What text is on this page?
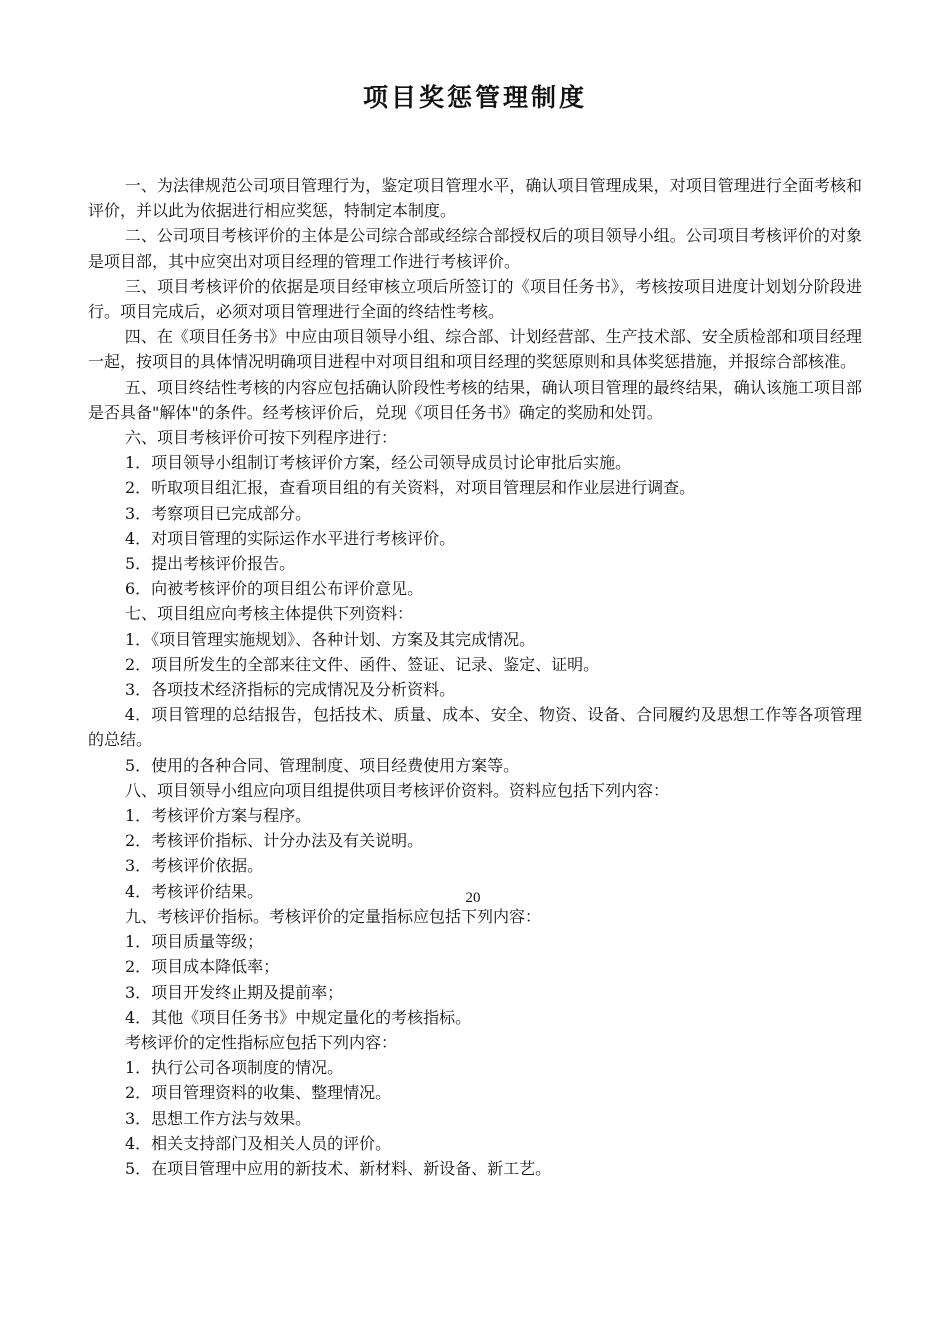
项目奖惩管理制度

一、为法律规范公司项目管理行为，鉴定项目管理水平，确认项目管理成果，对项目管理进行全面考核和评价，并以此为依据进行相应奖惩，特制定本制度。

二、公司项目考核评价的主体是公司综合部或经综合部授权后的项目领导小组。公司项目考核评价的对象是项目部，其中应突出对项目经理的管理工作进行考核评价。

三、项目考核评价的依据是项目经审核立项后所签订的《项目任务书》，考核按项目进度计划划分阶段进行。项目完成后，必须对项目管理进行全面的终结性考核。

四、在《项目任务书》中应由项目领导小组、综合部、计划经营部、生产技术部、安全质检部和项目经理一起，按项目的具体情况明确项目进程中对项目组和项目经理的奖惩原则和具体奖惩措施，并报综合部核准。

五、项目终结性考核的内容应包括确认阶段性考核的结果，确认项目管理的最终结果，确认该施工项目部是否具备"解体"的条件。经考核评价后，兑现《项目任务书》确定的奖励和处罚。

六、项目考核评价可按下列程序进行：

1．项目领导小组制订考核评价方案，经公司领导成员讨论审批后实施。

2．听取项目组汇报，查看项目组的有关资料，对项目管理层和作业层进行调查。

3．考察项目已完成部分。

4．对项目管理的实际运作水平进行考核评价。

5．提出考核评价报告。

6．向被考核评价的项目组公布评价意见。

七、项目组应向考核主体提供下列资料：

1．《项目管理实施规划》、各种计划、方案及其完成情况。

2．项目所发生的全部来往文件、函件、签证、记录、鉴定、证明。

3．各项技术经济指标的完成情况及分析资料。

4．项目管理的总结报告，包括技术、质量、成本、安全、物资、设备、合同履约及思想工作等各项管理的总结。

5．使用的各种合同、管理制度、项目经费使用方案等。

八、项目领导小组应向项目组提供项目考核评价资料。资料应包括下列内容：

1．考核评价方案与程序。

2．考核评价指标、计分办法及有关说明。

3．考核评价依据。

4．考核评价结果。

九、考核评价指标。考核评价的定量指标应包括下列内容：

1．项目质量等级；

2．项目成本降低率；

3．项目开发终止期及提前率；

4．其他《项目任务书》中规定量化的考核指标。

考核评价的定性指标应包括下列内容：

1．执行公司各项制度的情况。

2．项目管理资料的收集、整理情况。

3．思想工作方法与效果。

4．相关支持部门及相关人员的评价。

5．在项目管理中应用的新技术、新材料、新设备、新工艺。

20
